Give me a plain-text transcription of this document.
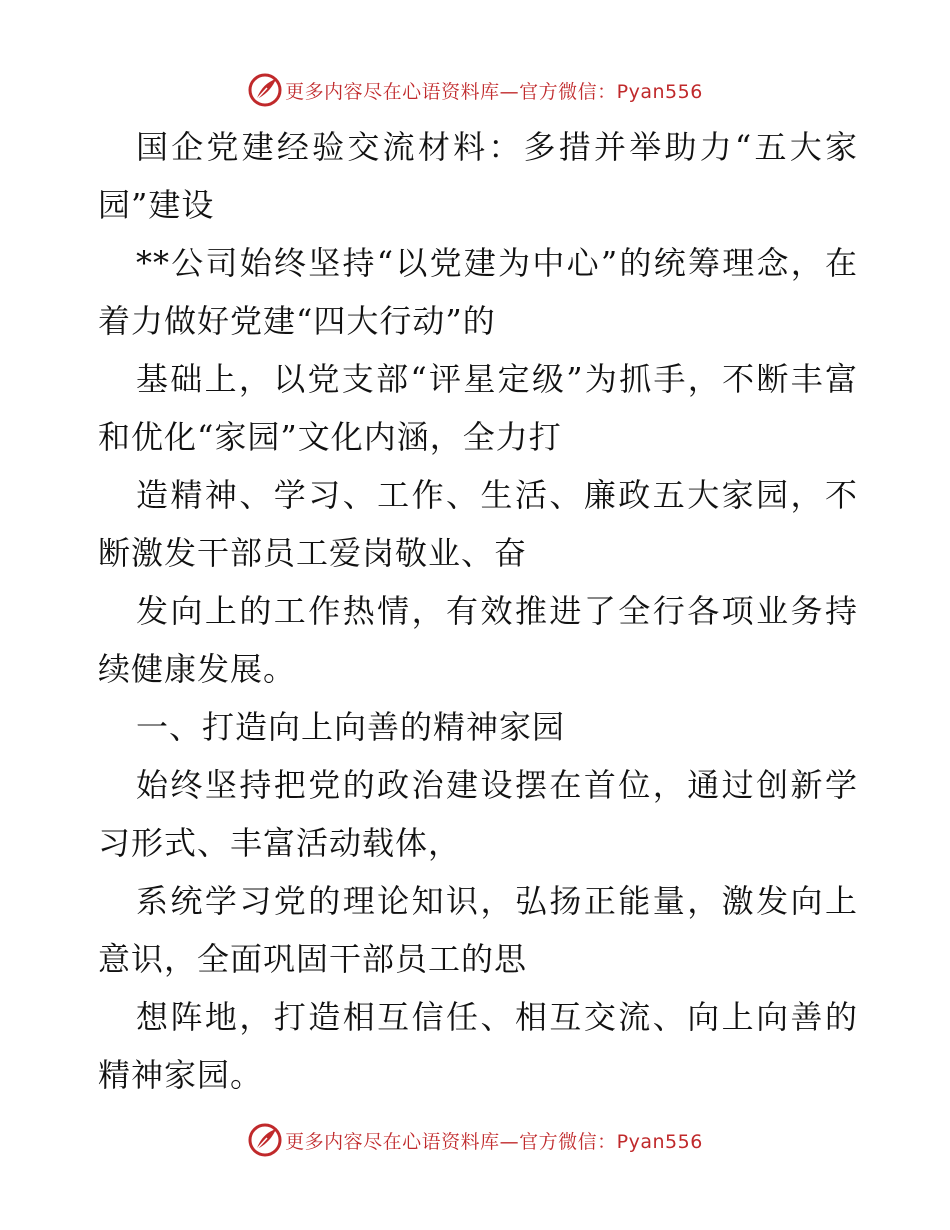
更多内容尽在心语资料库—官方微信：Pyan556

国企党建经验交流材料：多措并举助力“五大家园”建设

**公司始终坚持“以党建为中心”的统筹理念，在着力做好党建“四大行动”的

基础上，以党支部“评星定级”为抓手，不断丰富和优化“家园”文化内涵，全力打

造精神、学习、工作、生活、廉政五大家园，不断激发干部员工爱岗敬业、奋

发向上的工作热情，有效推进了全行各项业务持续健康发展。

一、打造向上向善的精神家园

始终坚持把党的政治建设摆在首位，通过创新学习形式、丰富活动载体，

系统学习党的理论知识，弘扬正能量，激发向上意识，全面巩固干部员工的思

想阵地，打造相互信任、相互交流、向上向善的精神家园。

更多内容尽在心语资料库—官方微信：Pyan556
